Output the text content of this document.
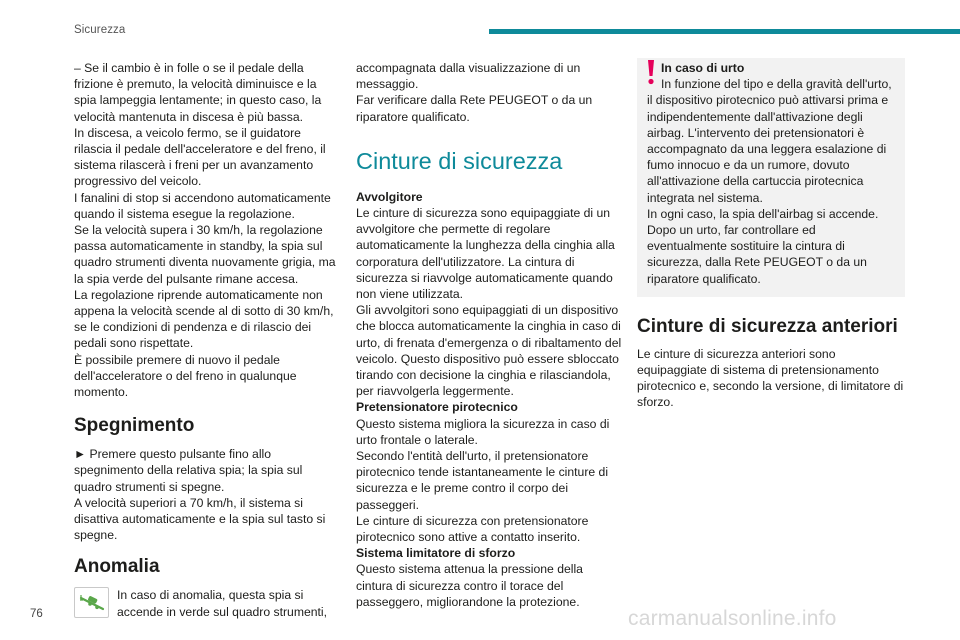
Sicurezza

– Se il cambio è in folle o se il pedale della frizione è premuto, la velocità diminuisce e la spia lampeggia lentamente; in questo caso, la velocità mantenuta in discesa è più bassa.

In discesa, a veicolo fermo, se il guidatore rilascia il pedale dell'acceleratore e del freno, il sistema rilascerà i freni per un avanzamento progressivo del veicolo.

I fanalini di stop si accendono automaticamente quando il sistema esegue la regolazione.

Se la velocità supera i 30 km/h, la regolazione passa automaticamente in standby, la spia sul quadro strumenti diventa nuovamente grigia, ma la spia verde del pulsante rimane accesa.

La regolazione riprende automaticamente non appena la velocità scende al di sotto di 30 km/h, se le condizioni di pendenza e di rilascio dei pedali sono rispettate.

È possibile premere di nuovo il pedale dell'acceleratore o del freno in qualunque momento.

Spegnimento

► Premere questo pulsante fino allo spegnimento della relativa spia; la spia sul quadro strumenti si spegne.

A velocità superiori a 70 km/h, il sistema si disattiva automaticamente e la spia sul tasto si spegne.

Anomalia

In caso di anomalia, questa spia si accende in verde sul quadro strumenti,

accompagnata dalla visualizzazione di un messaggio.

Far verificare dalla Rete PEUGEOT o da un riparatore qualificato.

Cinture di sicurezza

Avvolgitore

Le cinture di sicurezza sono equipaggiate di un avvolgitore che permette di regolare automaticamente la lunghezza della cinghia alla corporatura dell'utilizzatore. La cintura di sicurezza si riavvolge automaticamente quando non viene utilizzata.

Gli avvolgitori sono equipaggiati di un dispositivo che blocca automaticamente la cinghia in caso di urto, di frenata d'emergenza o di ribaltamento del veicolo. Questo dispositivo può essere sbloccato tirando con decisione la cinghia e rilasciandola, per riavvolgerla leggermente.

Pretensionatore pirotecnico

Questo sistema migliora la sicurezza in caso di urto frontale o laterale.

Secondo l'entità dell'urto, il pretensionatore pirotecnico tende istantaneamente le cinture di sicurezza e le preme contro il corpo dei passeggeri.

Le cinture di sicurezza con pretensionatore pirotecnico sono attive a contatto inserito.

Sistema limitatore di sforzo

Questo sistema attenua la pressione della cintura di sicurezza contro il torace del passeggero, migliorandone la protezione.

In caso di urto

In funzione del tipo e della gravità dell'urto, il dispositivo pirotecnico può attivarsi prima e indipendentemente dall'attivazione degli airbag. L'intervento dei pretensionatori è accompagnato da una leggera esalazione di fumo innocuo e da un rumore, dovuto all'attivazione della cartuccia pirotecnica integrata nel sistema.

In ogni caso, la spia dell'airbag si accende.

Dopo un urto, far controllare ed eventualmente sostituire la cintura di sicurezza, dalla Rete PEUGEOT o da un riparatore qualificato.

Cinture di sicurezza anteriori

Le cinture di sicurezza anteriori sono equipaggiate di sistema di pretensionamento pirotecnico e, secondo la versione, di limitatore di sforzo.

76	carmanualsonline.info
